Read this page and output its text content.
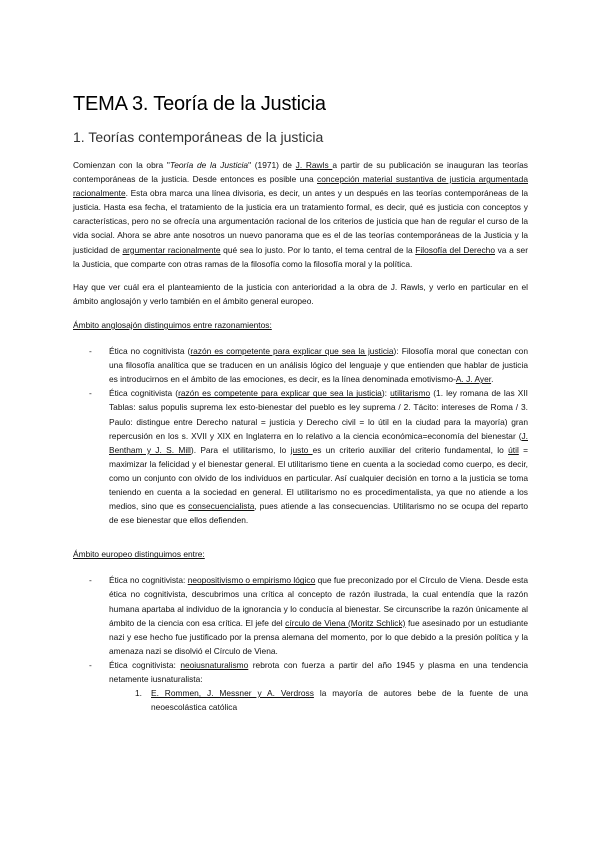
TEMA 3. Teoría de la Justicia
1. Teorías contemporáneas de la justicia

Comienzan con la obra "Teoría de la Justicia" (1971) de J. Rawls a partir de su publicación se inauguran las teorías contemporáneas de la justicia. Desde entonces es posible una concepción material sustantiva de justicia argumentada racionalmente. Esta obra marca una línea divisoria, es decir, un antes y un después en las teorías contemporáneas de la justicia. Hasta esa fecha, el tratamiento de la justicia era un tratamiento formal, es decir, qué es justicia con conceptos y características, pero no se ofrecía una argumentación racional de los criterios de justicia que han de regular el curso de la vida social. Ahora se abre ante nosotros un nuevo panorama que es el de las teorías contemporáneas de la Justicia y la justicidad de argumentar racionalmente qué sea lo justo. Por lo tanto, el tema central de la Filosofía del Derecho va a ser la Justicia, que comparte con otras ramas de la filosofía como la filosofía moral y la política.

Hay que ver cuál era el planteamiento de la justicia con anterioridad a la obra de J. Rawls, y verlo en particular en el ámbito anglosajón y verlo también en el ámbito general europeo.

Ámbito anglosajón distinguimos entre razonamientos:

- Ética no cognitivista (razón es competente para explicar que sea la justicia): Filosofía moral que conectan con una filosofía analítica que se traducen en un análisis lógico del lenguaje y que entienden que hablar de justicia es introducirnos en el ámbito de las emociones, es decir, es la línea denominada emotivismo-A. J. Ayer.
- Ética cognitivista (razón es competente para explicar que sea la justicia): utilitarismo (1. ley romana de las XII Tablas: salus populis suprema lex esto-bienestar del pueblo es ley suprema / 2. Tácito: intereses de Roma / 3. Paulo: distingue entre Derecho natural = justicia y Derecho civil = lo útil en la ciudad para la mayoría) gran repercusión en los s. XVII y XIX en Inglaterra en lo relativo a la ciencia económica=economía del bienestar (J. Bentham y J. S. Mill). Para el utilitarismo, lo justo es un criterio auxiliar del criterio fundamental, lo útil = maximizar la felicidad y el bienestar general. El utilitarismo tiene en cuenta a la sociedad como cuerpo, es decir, como un conjunto con olvido de los individuos en particular. Así cualquier decisión en torno a la justicia se toma teniendo en cuenta a la sociedad en general. El utilitarismo no es procedimentalista, ya que no atiende a los medios, sino que es consecuencialista, pues atiende a las consecuencias. Utilitarismo no se ocupa del reparto de ese bienestar que ellos defienden.

Ámbito europeo distinguimos entre:

- Ética no cognitivista: neopositivismo o empirismo lógico que fue preconizado por el Círculo de Viena. Desde esta ética no cognitivista, descubrimos una crítica al concepto de razón ilustrada, la cual entendía que la razón humana apartaba al individuo de la ignorancia y lo conducía al bienestar. Se circunscribe la razón únicamente al ámbito de la ciencia con esa crítica. El jefe del círculo de Viena (Moritz Schlick) fue asesinado por un estudiante nazi y ese hecho fue justificado por la prensa alemana del momento, por lo que debido a la presión política y la amenaza nazi se disolvió el Círculo de Viena.
- Ética cognitivista: neoiusnaturalismo rebrota con fuerza a partir del año 1945 y plasma en una tendencia netamente iusnaturalista:
1. E. Rommen, J. Messner y A. Verdross la mayoría de autores bebe de la fuente de una neoescolástica católica
